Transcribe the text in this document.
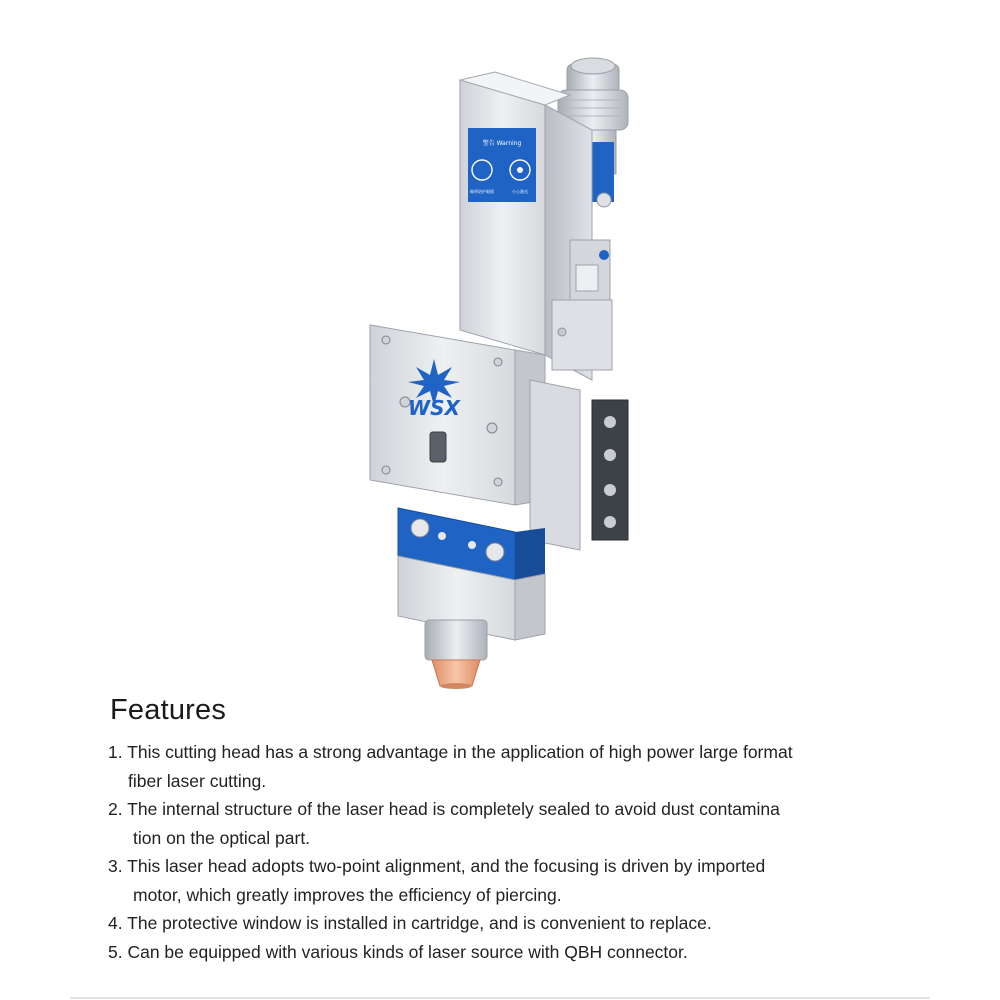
警告 Warning
佩带防护眼镜	小心激光
WSX
Features
1. This cutting head has a strong advantage in the application of high power large format
fiber laser cutting.
2. The internal structure of the laser head is completely sealed to avoid dust contamina
tion on the optical part.
3. This laser head adopts two-point alignment, and the focusing is driven by imported
motor, which greatly improves the efficiency of piercing.
4. The protective window is installed in cartridge, and is convenient to replace.
5. Can be equipped with various kinds of laser source with QBH connector.
